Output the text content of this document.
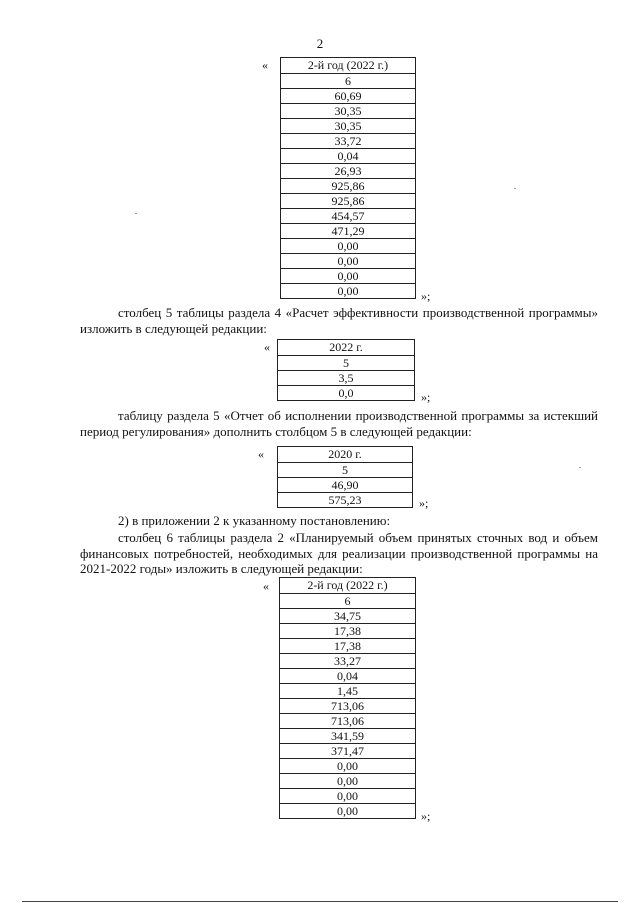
2
«	2-й год (2022 г.)
6
60,69
30,35
30,35
33,72
0,04
26,93
925,86
925,86
454,57
471,29
0,00
0,00
0,00
0,00	»;
столбец 5 таблицы раздела 4 «Расчет эффективности производственной программы» изложить в следующей редакции:
«	2022 г.
5
3,5
0,0	»;
таблицу раздела 5 «Отчет об исполнении производственной программы за истекший период регулирования» дополнить столбцом 5 в следующей редакции:
«	2020 г.
5
46,90
575,23	»;
2) в приложении 2 к указанному постановлению:
столбец 6 таблицы раздела 2 «Планируемый объем принятых сточных вод и объем финансовых потребностей, необходимых для реализации производственной программы на 2021-2022 годы» изложить в следующей редакции:
«	2-й год (2022 г.)
6
34,75
17,38
17,38
33,27
0,04
1,45
713,06
713,06
341,59
371,47
0,00
0,00
0,00
0,00	»;
